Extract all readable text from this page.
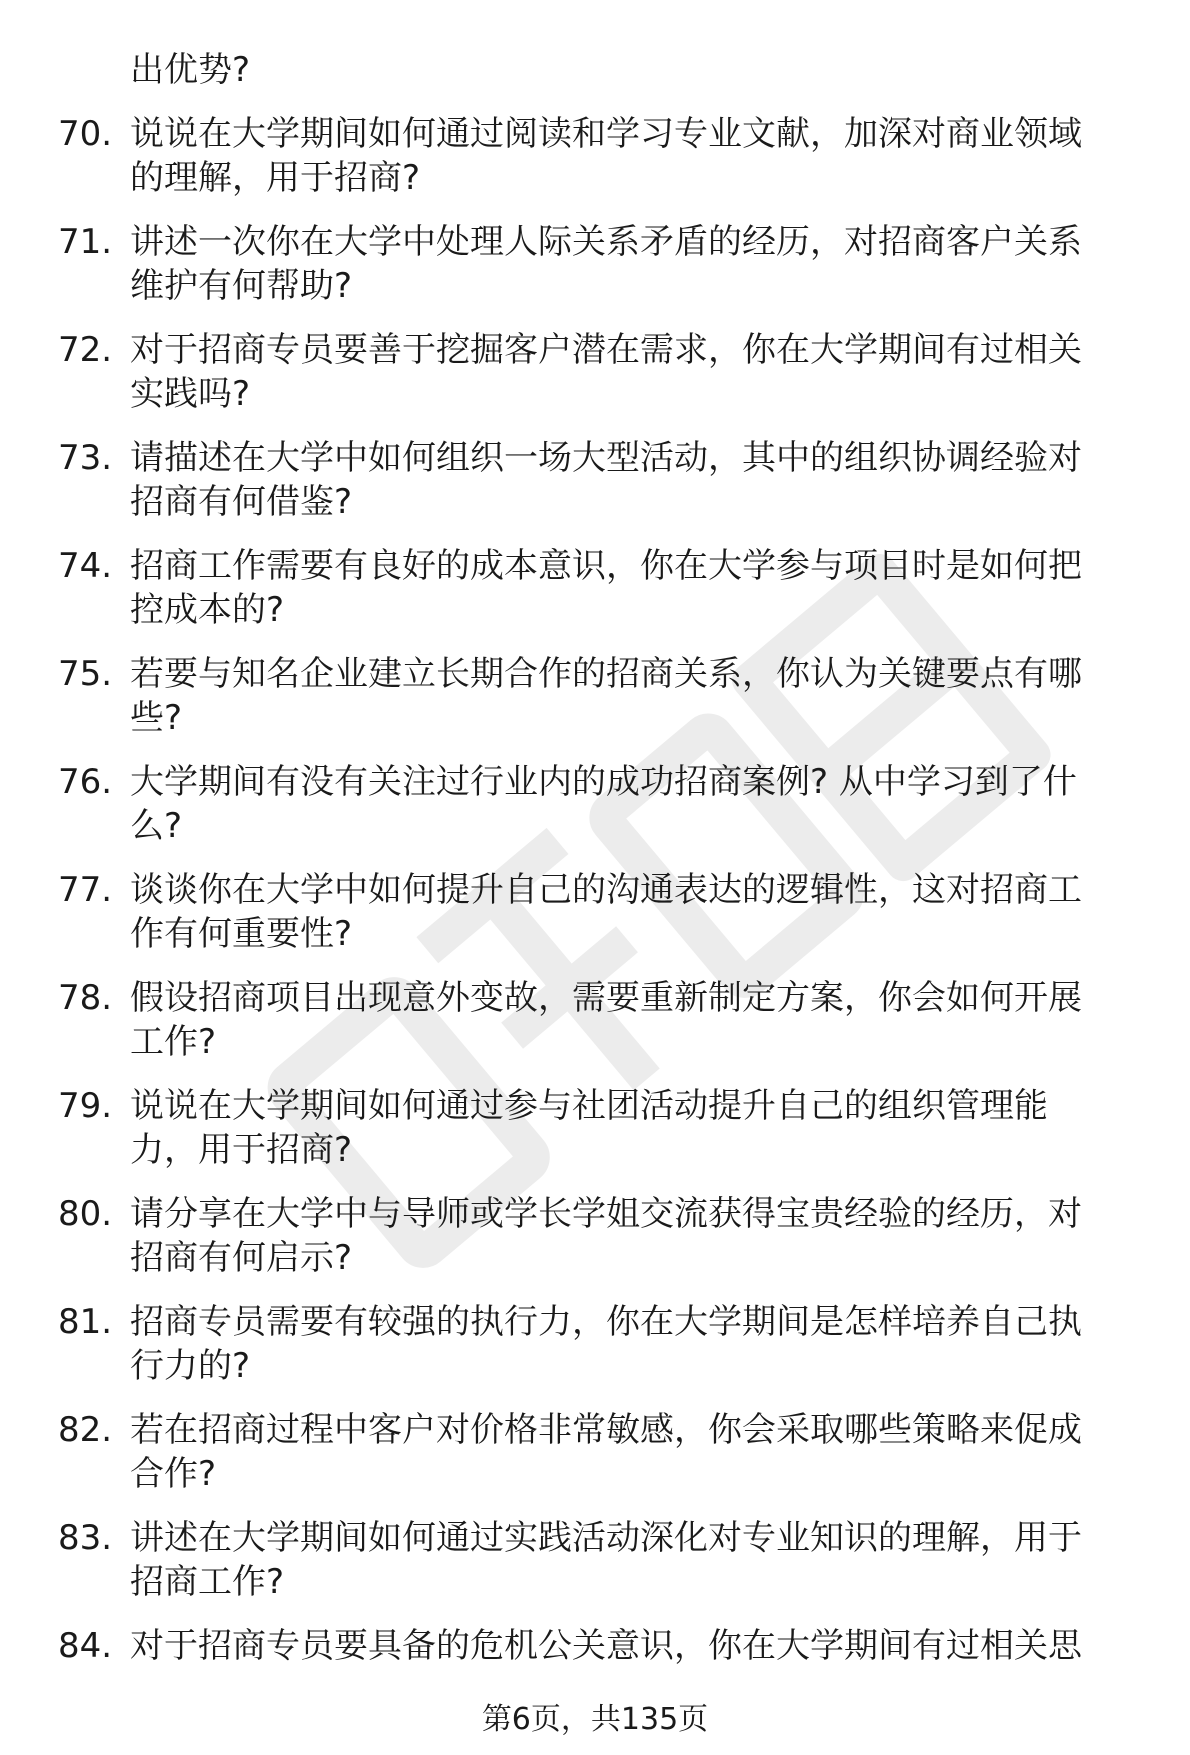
出优势?
70. 说说在大学期间如何通过阅读和学习专业文献，加深对商业领域
的理解，用于招商?
71. 讲述一次你在大学中处理人际关系矛盾的经历，对招商客户关系
维护有何帮助?
72. 对于招商专员要善于挖掘客户潜在需求，你在大学期间有过相关
实践吗?
73. 请描述在大学中如何组织一场大型活动，其中的组织协调经验对
招商有何借鉴?
74. 招商工作需要有良好的成本意识，你在大学参与项目时是如何把
控成本的?
75. 若要与知名企业建立长期合作的招商关系，你认为关键要点有哪
些?
76. 大学期间有没有关注过行业内的成功招商案例? 从中学习到了什
么?
77. 谈谈你在大学中如何提升自己的沟通表达的逻辑性，这对招商工
作有何重要性?
78. 假设招商项目出现意外变故，需要重新制定方案，你会如何开展
工作?
79. 说说在大学期间如何通过参与社团活动提升自己的组织管理能
力，用于招商?
80. 请分享在大学中与导师或学长学姐交流获得宝贵经验的经历，对
招商有何启示?
81. 招商专员需要有较强的执行力，你在大学期间是怎样培养自己执
行力的?
82. 若在招商过程中客户对价格非常敏感，你会采取哪些策略来促成
合作?
83. 讲述在大学期间如何通过实践活动深化对专业知识的理解，用于
招商工作?
84. 对于招商专员要具备的危机公关意识，你在大学期间有过相关思
第6页，共135页
